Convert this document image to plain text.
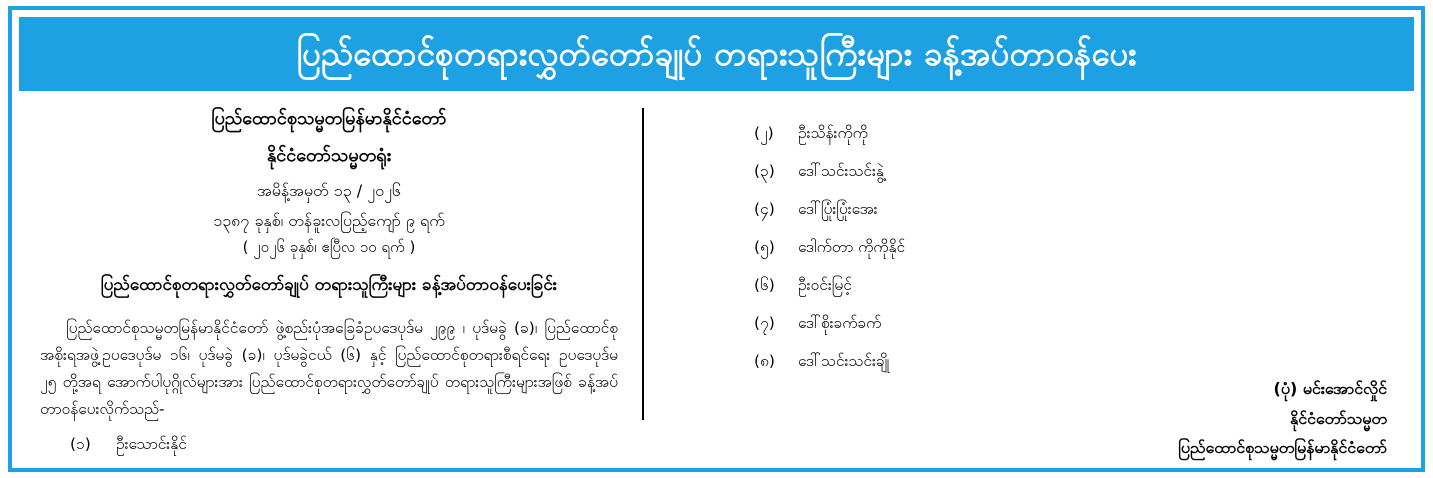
ပြည်ထောင်စုတရားလွှတ်တော်ချုပ် တရားသူကြီးများ ခန့်အပ်တာဝန်ပေး
ပြည်ထောင်စုသမ္မတမြန်မာနိုင်ငံတော်
နိုင်ငံတော်သမ္မတရုံး
အမိန့်အမှတ် ၁၃ / ၂၀၂၆
၁၃၈၇ ခုနှစ်၊ တန်ခူးလပြည့်ကျော် ၉ ရက်
( ၂၀၂၆ ခုနှစ်၊ ဧပြီလ ၁၀ ရက် )
ပြည်ထောင်စုတရားလွှတ်တော်ချုပ် တရားသူကြီးများ ခန့်အပ်တာဝန်ပေးခြင်း
ပြည်ထောင်စုသမ္မတမြန်မာနိုင်ငံတော် ဖွဲ့စည်းပုံအခြေခံဥပဒေပုဒ်မ ၂၉၉ ၊ ပုဒ်မခွဲ (ခ)၊ ပြည်ထောင်စု အစိုးရအဖွဲ့ဥပဒေပုဒ်မ ၁၆၊ ပုဒ်မခွဲ (ခ)၊ ပုဒ်မခွဲငယ် (၆) နှင့် ပြည်ထောင်စုတရားစီရင်ရေး ဥပဒေပုဒ်မ ၂၅ တို့အရ အောက်ပါပုဂ္ဂိုလ်များအား ပြည်ထောင်စုတရားလွှတ်တော်ချုပ် တရားသူကြီးများအဖြစ် ခန့်အပ်တာဝန်ပေးလိုက်သည်-
(၁)	ဦးသောင်းနိုင်
(၂)	ဦးသိန်းကိုကို
(၃)	ဒေါ်သင်းသင်းနွဲ့
(၄)	ဒေါ်ပြုံးပြုံးအေး
(၅)	ဒေါက်တာ ကိုကိုနိုင်
(၆)	ဦးဝင်းမြင့်
(၇)	ဒေါ်စိုးခက်ခက်
(၈)	ဒေါ်သင်းသင်းချို
(ပုံ) မင်းအောင်လှိုင်
နိုင်ငံတော်သမ္မတ
ပြည်ထောင်စုသမ္မတမြန်မာနိုင်ငံတော်
